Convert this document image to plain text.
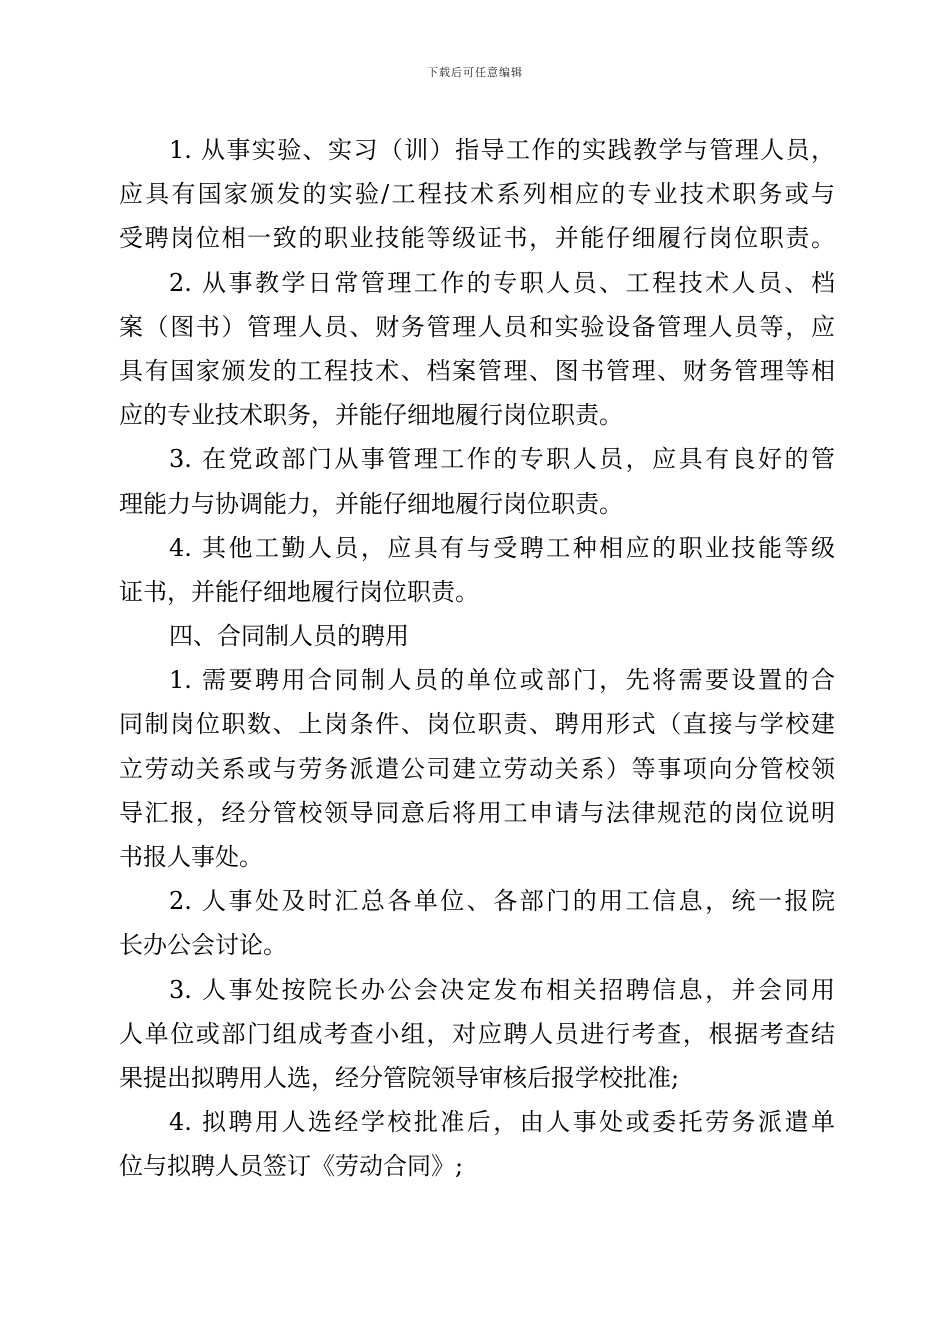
下载后可任意编辑
1. 从事实验、实习（训）指导工作的实践教学与管理人员，
应具有国家颁发的实验/工程技术系列相应的专业技术职务或与
受聘岗位相一致的职业技能等级证书，并能仔细履行岗位职责。
2. 从事教学日常管理工作的专职人员、工程技术人员、档
案（图书）管理人员、财务管理人员和实验设备管理人员等，应
具有国家颁发的工程技术、档案管理、图书管理、财务管理等相
应的专业技术职务，并能仔细地履行岗位职责。
3. 在党政部门从事管理工作的专职人员，应具有良好的管
理能力与协调能力，并能仔细地履行岗位职责。
4. 其他工勤人员，应具有与受聘工种相应的职业技能等级
证书，并能仔细地履行岗位职责。
四、合同制人员的聘用
1. 需要聘用合同制人员的单位或部门，先将需要设置的合
同制岗位职数、上岗条件、岗位职责、聘用形式（直接与学校建
立劳动关系或与劳务派遣公司建立劳动关系）等事项向分管校领
导汇报，经分管校领导同意后将用工申请与法律规范的岗位说明
书报人事处。
2. 人事处及时汇总各单位、各部门的用工信息，统一报院
长办公会讨论。
3. 人事处按院长办公会决定发布相关招聘信息，并会同用
人单位或部门组成考查小组，对应聘人员进行考查，根据考查结
果提出拟聘用人选，经分管院领导审核后报学校批准;
4. 拟聘用人选经学校批准后，由人事处或委托劳务派遣单
位与拟聘人员签订《劳动合同》;
